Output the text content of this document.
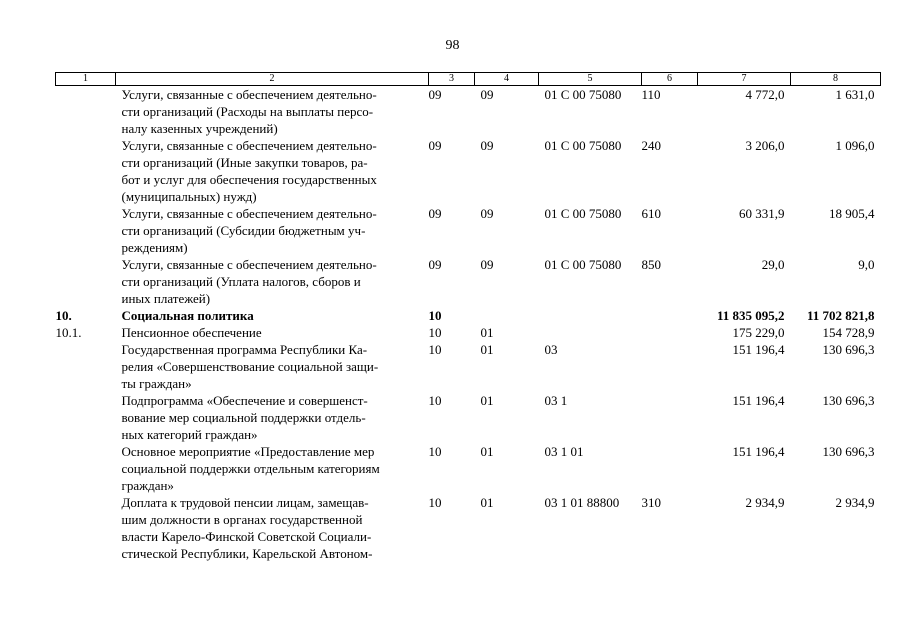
98
1	2	3	4	5	6	7	8

	Услуги, связанные с обеспечением деятельно-
сти организаций (Расходы на выплаты персо-
налу казенных учреждений)	09	09	01 С 00 75080	110	4 772,0	1 631,0

	Услуги, связанные с обеспечением деятельно-
сти организаций (Иные закупки товаров, ра-
бот и услуг для обеспечения государственных
(муниципальных) нужд)	09	09	01 С 00 75080	240	3 206,0	1 096,0

	Услуги, связанные с обеспечением деятельно-
сти организаций (Субсидии бюджетным уч-
реждениям)	09	09	01 С 00 75080	610	60 331,9	18 905,4

	Услуги, связанные с обеспечением деятельно-
сти организаций (Уплата налогов, сборов и
иных платежей)	09	09	01 С 00 75080	850	29,0	9,0
10.	Социальная политика	10				11 835 095,2	11 702 821,8
10.1.	Пенсионное обеспечение	10	01			175 229,0	154 728,9

	Государственная программа Республики Ка-
релия «Совершенствование социальной защи-
ты граждан»	10	01	03		151 196,4	130 696,3

	Подпрограмма «Обеспечение и совершенст-
вование мер социальной поддержки отдель-
ных категорий граждан»	10	01	03 1		151 196,4	130 696,3

	Основное мероприятие «Предоставление мер
социальной поддержки отдельным категориям
граждан»	10	01	03 1 01		151 196,4	130 696,3

	Доплата к трудовой пенсии лицам, замещав-
шим должности в органах государственной
власти Карело-Финской Советской Социали-
стической Республики, Карельской Автоном-	10	01	03 1 01 88800	310	2 934,9	2 934,9
